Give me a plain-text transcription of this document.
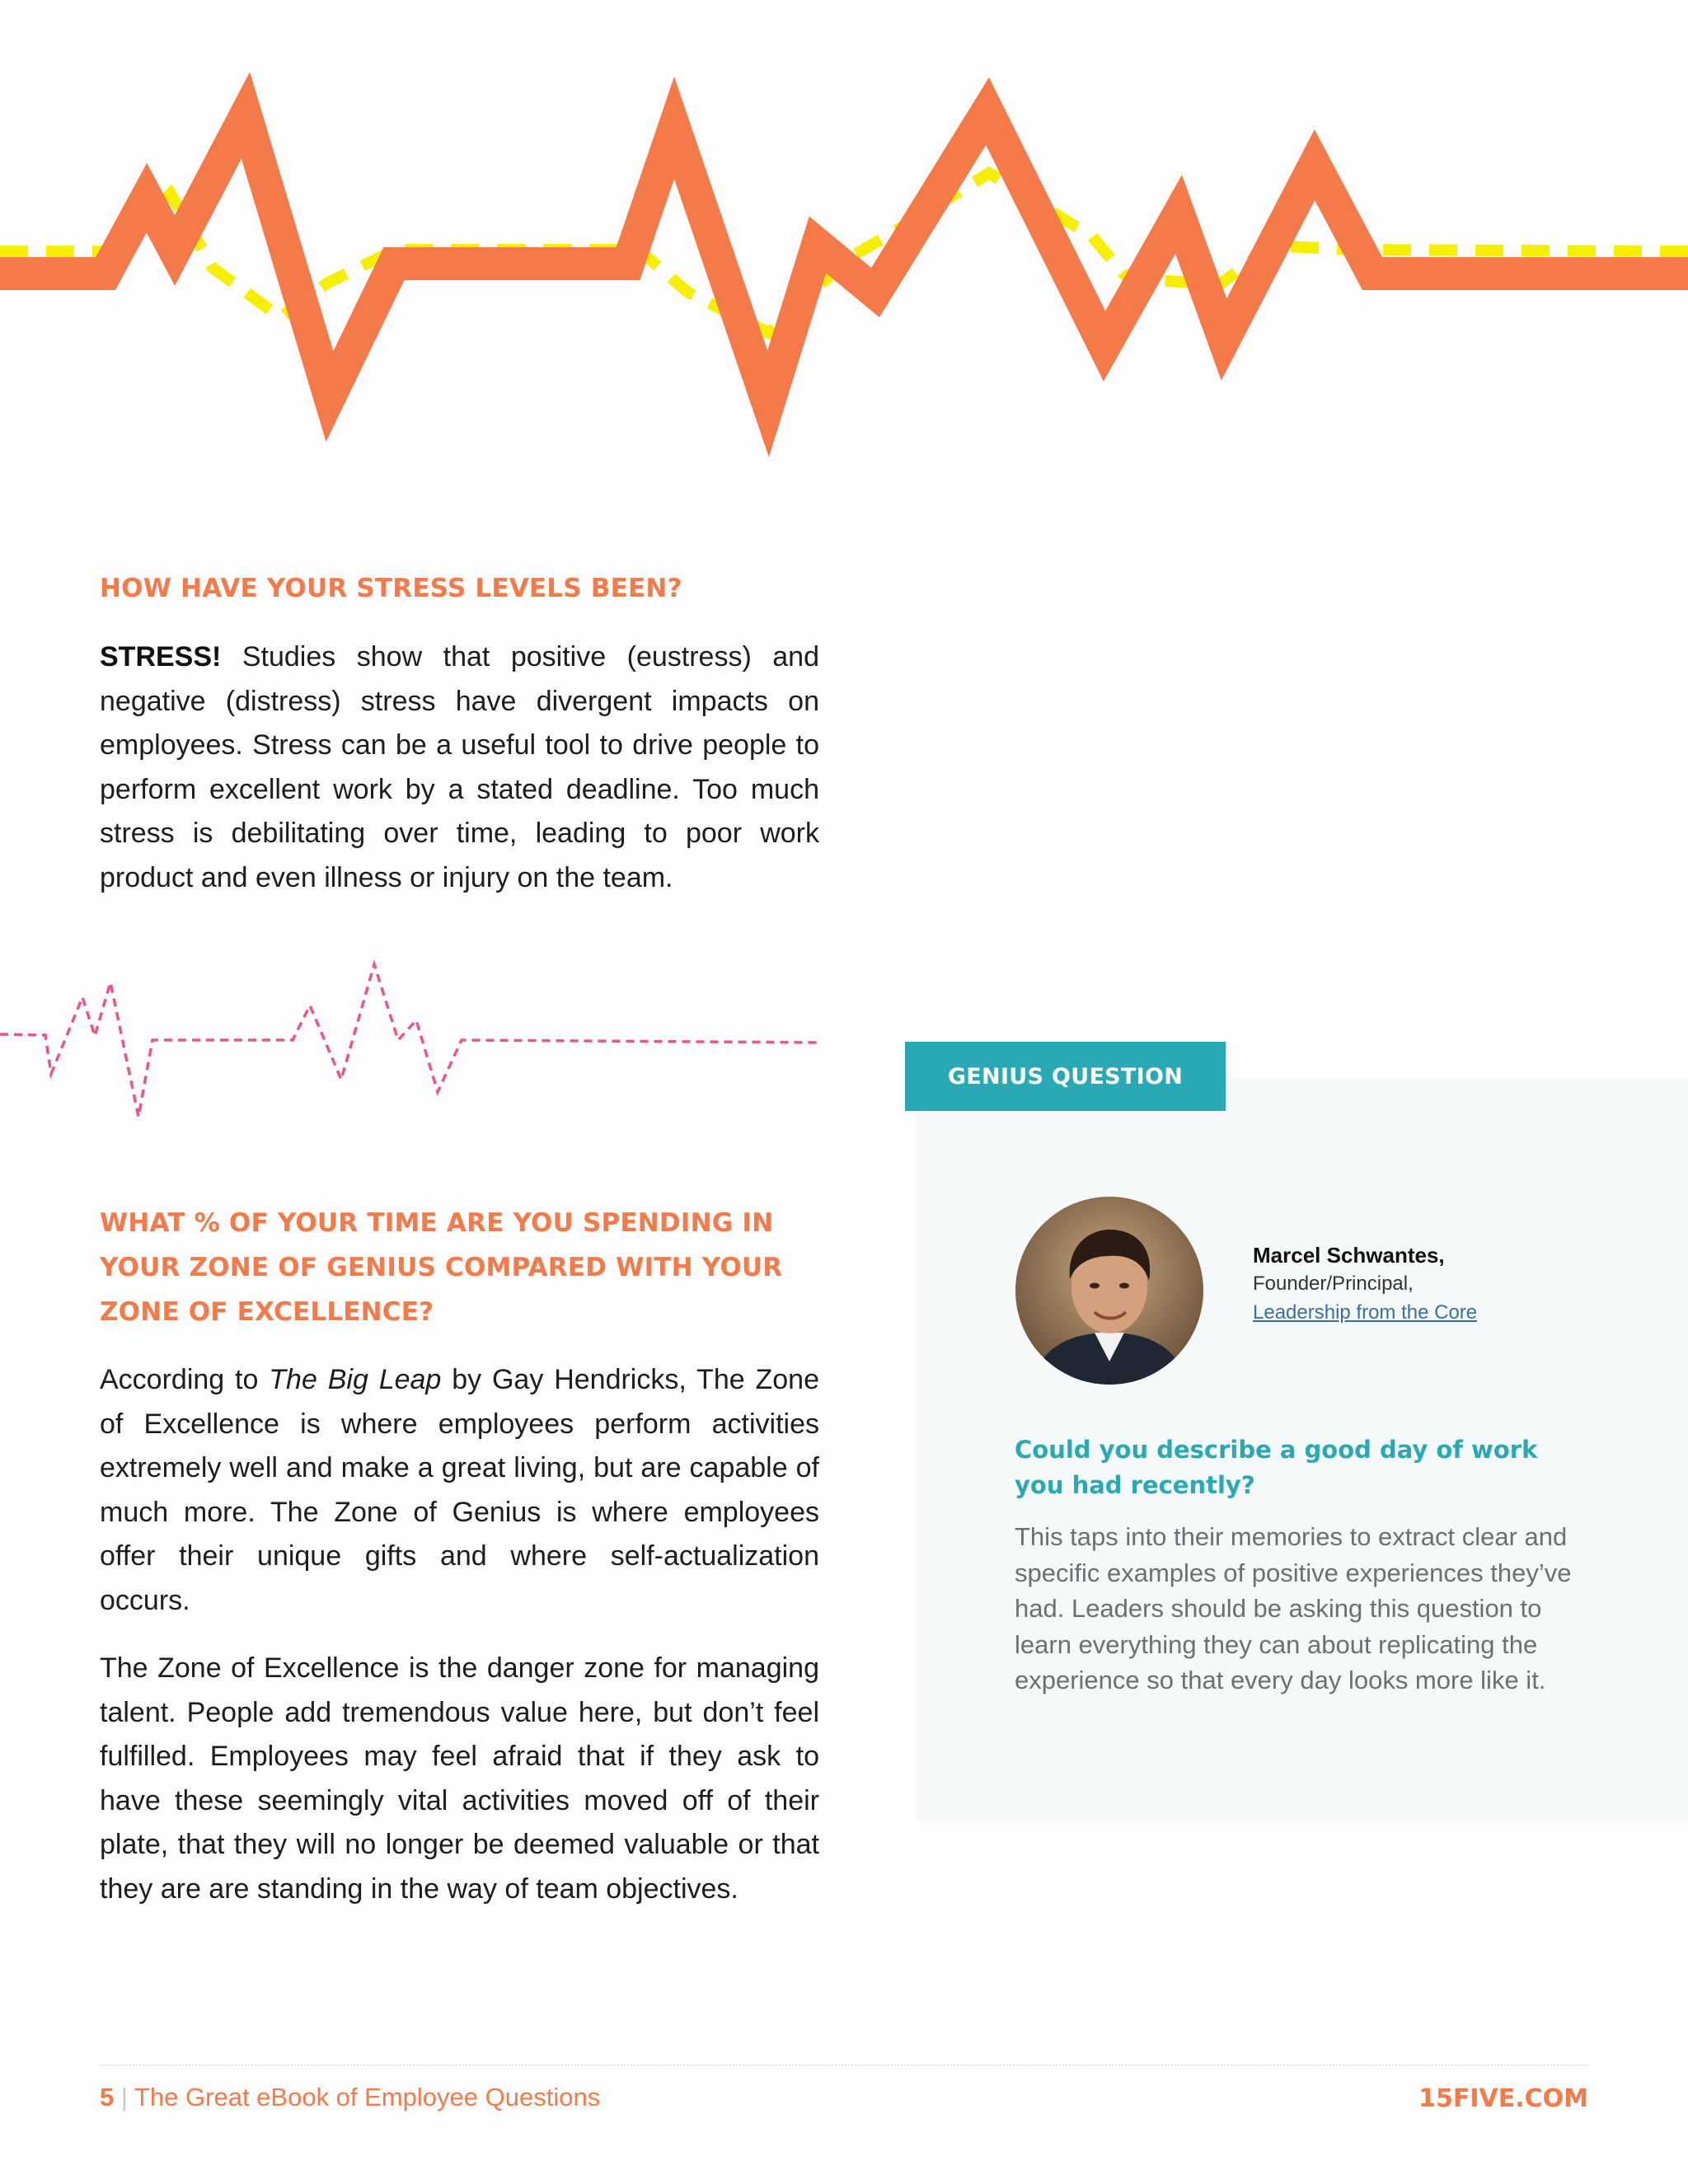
HOW HAVE YOUR STRESS LEVELS BEEN?

STRESS! Studies show that positive (eustress) and negative (distress) stress have divergent impacts on employees. Stress can be a useful tool to drive people to perform excellent work by a stated deadline. Too much stress is debilitating over time, leading to poor work product and even illness or injury on the team.

WHAT % OF YOUR TIME ARE YOU SPENDING IN YOUR ZONE OF GENIUS COMPARED WITH YOUR ZONE OF EXCELLENCE?

According to The Big Leap by Gay Hendricks, The Zone of Excellence is where employees perform activities extremely well and make a great living, but are capable of much more. The Zone of Genius is where employees offer their unique gifts and where self-actualization occurs.

The Zone of Excellence is the danger zone for managing talent. People add tremendous value here, but don’t feel fulfilled. Employees may feel afraid that if they ask to have these seemingly vital activities moved off of their plate, that they will no longer be deemed valuable or that they are are standing in the way of team objectives.

GENIUS QUESTION
Marcel Schwantes,
Founder/Principal,
Leadership from the Core
Could you describe a good day of work you had recently?

This taps into their memories to extract clear and specific examples of positive experiences they’ve had. Leaders should be asking this question to learn everything they can about replicating the experience so that every day looks more like it.

5 | The Great eBook of Employee Questions	15FIVE.COM
